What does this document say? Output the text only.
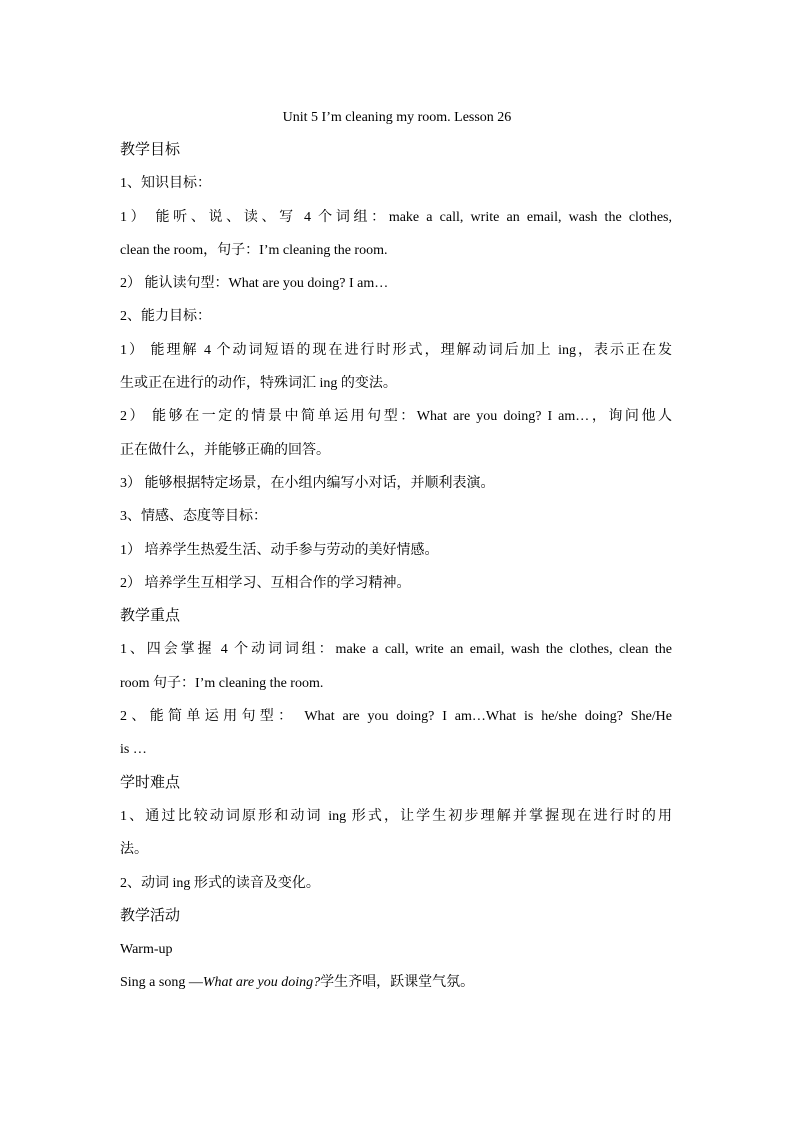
Unit 5 I’m cleaning my room. Lesson 26
教学目标
1、知识目标：
1） 能听、说、读、写 4 个词组：make a call, write an email, wash the clothes,
clean the room，句子：I’m cleaning the room.
2） 能认读句型：What are you doing? I am…
2、能力目标：
1） 能理解 4 个动词短语的现在进行时形式，理解动词后加上 ing，表示正在发
生或正在进行的动作，特殊词汇 ing 的变法。
2） 能够在一定的情景中简单运用句型：What are you doing? I am…，询问他人
正在做什么，并能够正确的回答。
3） 能够根据特定场景，在小组内编写小对话，并顺利表演。
3、情感、态度等目标：
1） 培养学生热爱生活、动手参与劳动的美好情感。
2） 培养学生互相学习、互相合作的学习精神。
教学重点
1、四会掌握 4 个动词词组：make a call, write an email, wash the clothes, clean the
room 句子：I’m cleaning the room.
2、能简单运用句型： What are you doing? I am…What is he/she doing? She/He
is …
学时难点
1、通过比较动词原形和动词 ing 形式，让学生初步理解并掌握现在进行时的用
法。
2、动词 ing 形式的读音及变化。
教学活动
Warm-up
Sing a song —What are you doing?学生齐唱，跃课堂气氛。
